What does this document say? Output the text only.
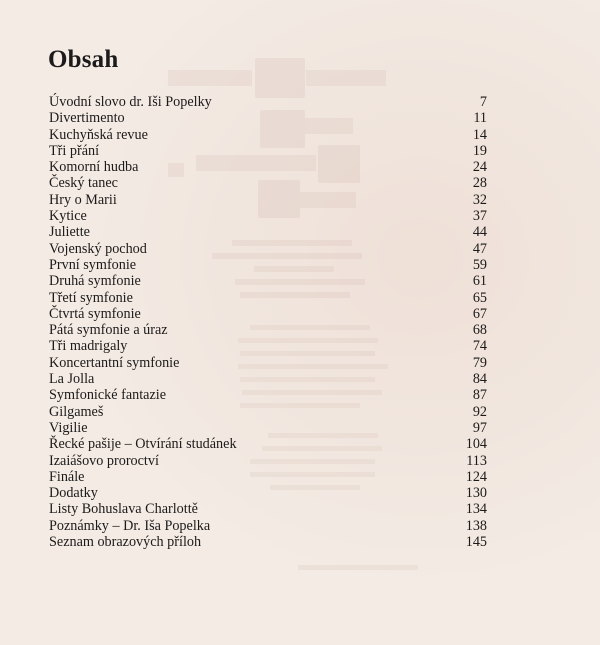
Obsah
Úvodní slovo dr. Iši Popelky	7
Divertimento	11
Kuchyňská revue	14
Tři přání	19
Komorní hudba	24
Český tanec	28
Hry o Marii	32
Kytice	37
Juliette	44
Vojenský pochod	47
První symfonie	59
Druhá symfonie	61
Třetí symfonie	65
Čtvrtá symfonie	67
Pátá symfonie a úraz	68
Tři madrigaly	74
Koncertantní symfonie	79
La Jolla	84
Symfonické fantazie	87
Gilgameš	92
Vigilie	97
Řecké pašije – Otvírání studánek	104
Izaiášovo proroctví	113
Finále	124
Dodatky	130
Listy Bohuslava Charlottě	134
Poznámky – Dr. Iša Popelka	138
Seznam obrazových příloh	145
